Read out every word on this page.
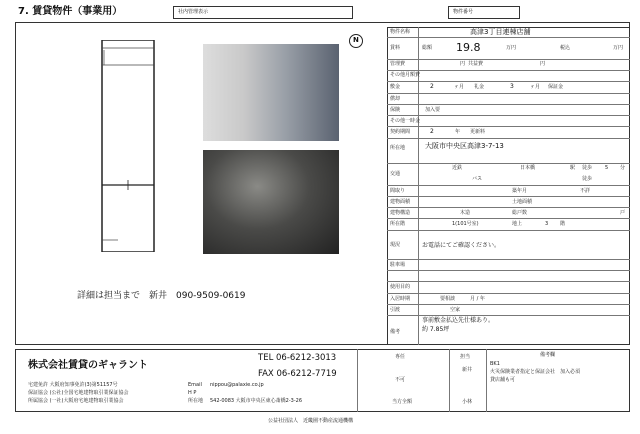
7. 賃貸物件（事業用）	社内管理表示	物件番号
N
詳細は担当まで　新井　090-9509-0619
物件名称	高津3丁目連棟店舗
賃料	総額 19.8	万円	税込	万円
管理費	円 共益費	円
その他月額費
敷金	2	ヶ月 礼金	3	ヶ月 保証金
償却
保険	加入要
その他一時金
契約期間	2	年 更新料
所在地	大阪市中央区高津3-7-13
交通
近鉄	日本橋	駅 徒歩	5 分
バス	徒歩
間取り	築年月	不詳
建物面積	土地面積
建物構造	木造	総戸数	戸
所在階	1(101号室)	地上	3 階
現況	お電話にてご確認ください。
駐車場
使用目的
入居時期	要相談	月 / 年
引渡	空家
備考
事前敷金払込先仕様あり。
約 7.85坪
株式会社賃貸のギャラント
TEL 06-6212-3013
FAX 06-6212-7719
宅建免許 大阪府知事免許(3)第51157号
保証協会 (公社)全国宅地建物取引業保証協会
所属協会 (一社)大阪府宅地建物取引業協会
Email nippou@palaxie.co.jp
H P
所在地 542-0083 大阪市中央区東心斎橋2-3-26
専任
不可
当方全額
担当
新井
小林
備考欄
BK1
火災保険業者指定と保証会社　加入必須
貸店舗も可
公益社団法人　近畿圏不動産流通機構
